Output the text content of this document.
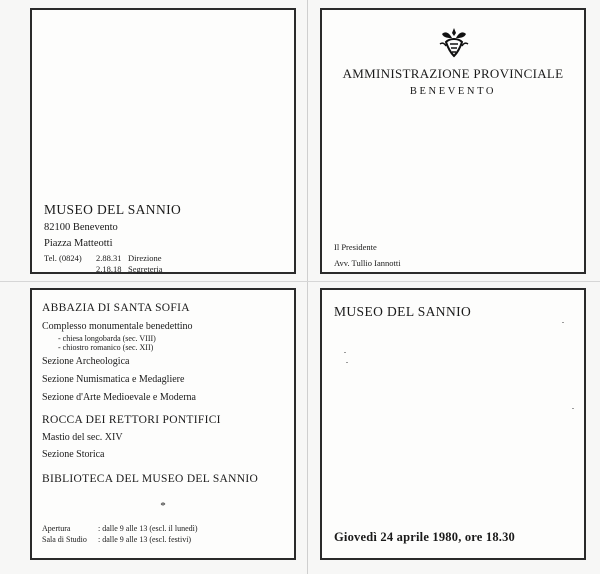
MUSEO DEL SANNIO
82100 Benevento
Piazza Matteotti
Tel. (0824) 2.88.31 Direzione
2.18.18 Segreteria
AMMINISTRAZIONE PROVINCIALE
BENEVENTO
Il Presidente
Avv. Tullio Iannotti
ABBAZIA DI SANTA SOFIA
Complesso monumentale benedettino
- chiesa longobarda (sec. VIII)
- chiostro romanico (sec. XII)
Sezione Archeologica
Sezione Numismatica e Medagliere
Sezione d'Arte Medioevale e Moderna
ROCCA DEI RETTORI PONTIFICI
Mastio del sec. XIV
Sezione Storica
BIBLIOTECA DEL MUSEO DEL SANNIO
*
Apertura	: dalle 9 alle 13 (escl. il lunedì)
Sala di Studio : dalle 9 alle 13 (escl. festivi)
MUSEO DEL SANNIO
Giovedì 24 aprile 1980, ore 18.30
